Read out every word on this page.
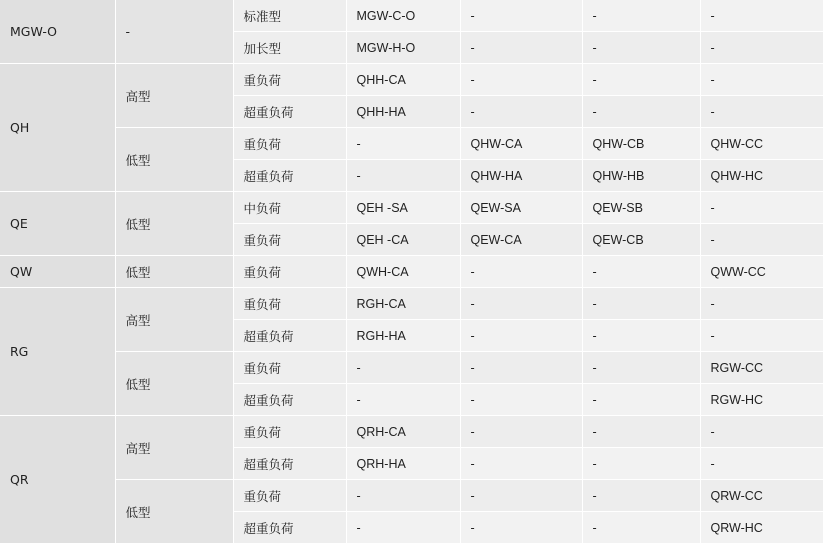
MGW-O	-	标准型	MGW-C-O	-	-	-
		加长型	MGW-H-O	-	-	-
QH	高型	重负荷	QHH-CA	-	-	-
		超重负荷	QHH-HA	-	-	-
	低型	重负荷	-	QHW-CA	QHW-CB	QHW-CC
		超重负荷	-	QHW-HA	QHW-HB	QHW-HC
QE	低型	中负荷	QEH -SA	QEW-SA	QEW-SB	-
		重负荷	QEH -CA	QEW-CA	QEW-CB	-
QW	低型	重负荷	QWH-CA	-	-	QWW-CC
RG	高型	重负荷	RGH-CA	-	-	-
		超重负荷	RGH-HA	-	-	-
	低型	重负荷	-	-	-	RGW-CC
		超重负荷	-	-	-	RGW-HC
QR	高型	重负荷	QRH-CA	-	-	-
		超重负荷	QRH-HA	-	-	-
	低型	重负荷	-	-	-	QRW-CC
		超重负荷	-	-	-	QRW-HC
